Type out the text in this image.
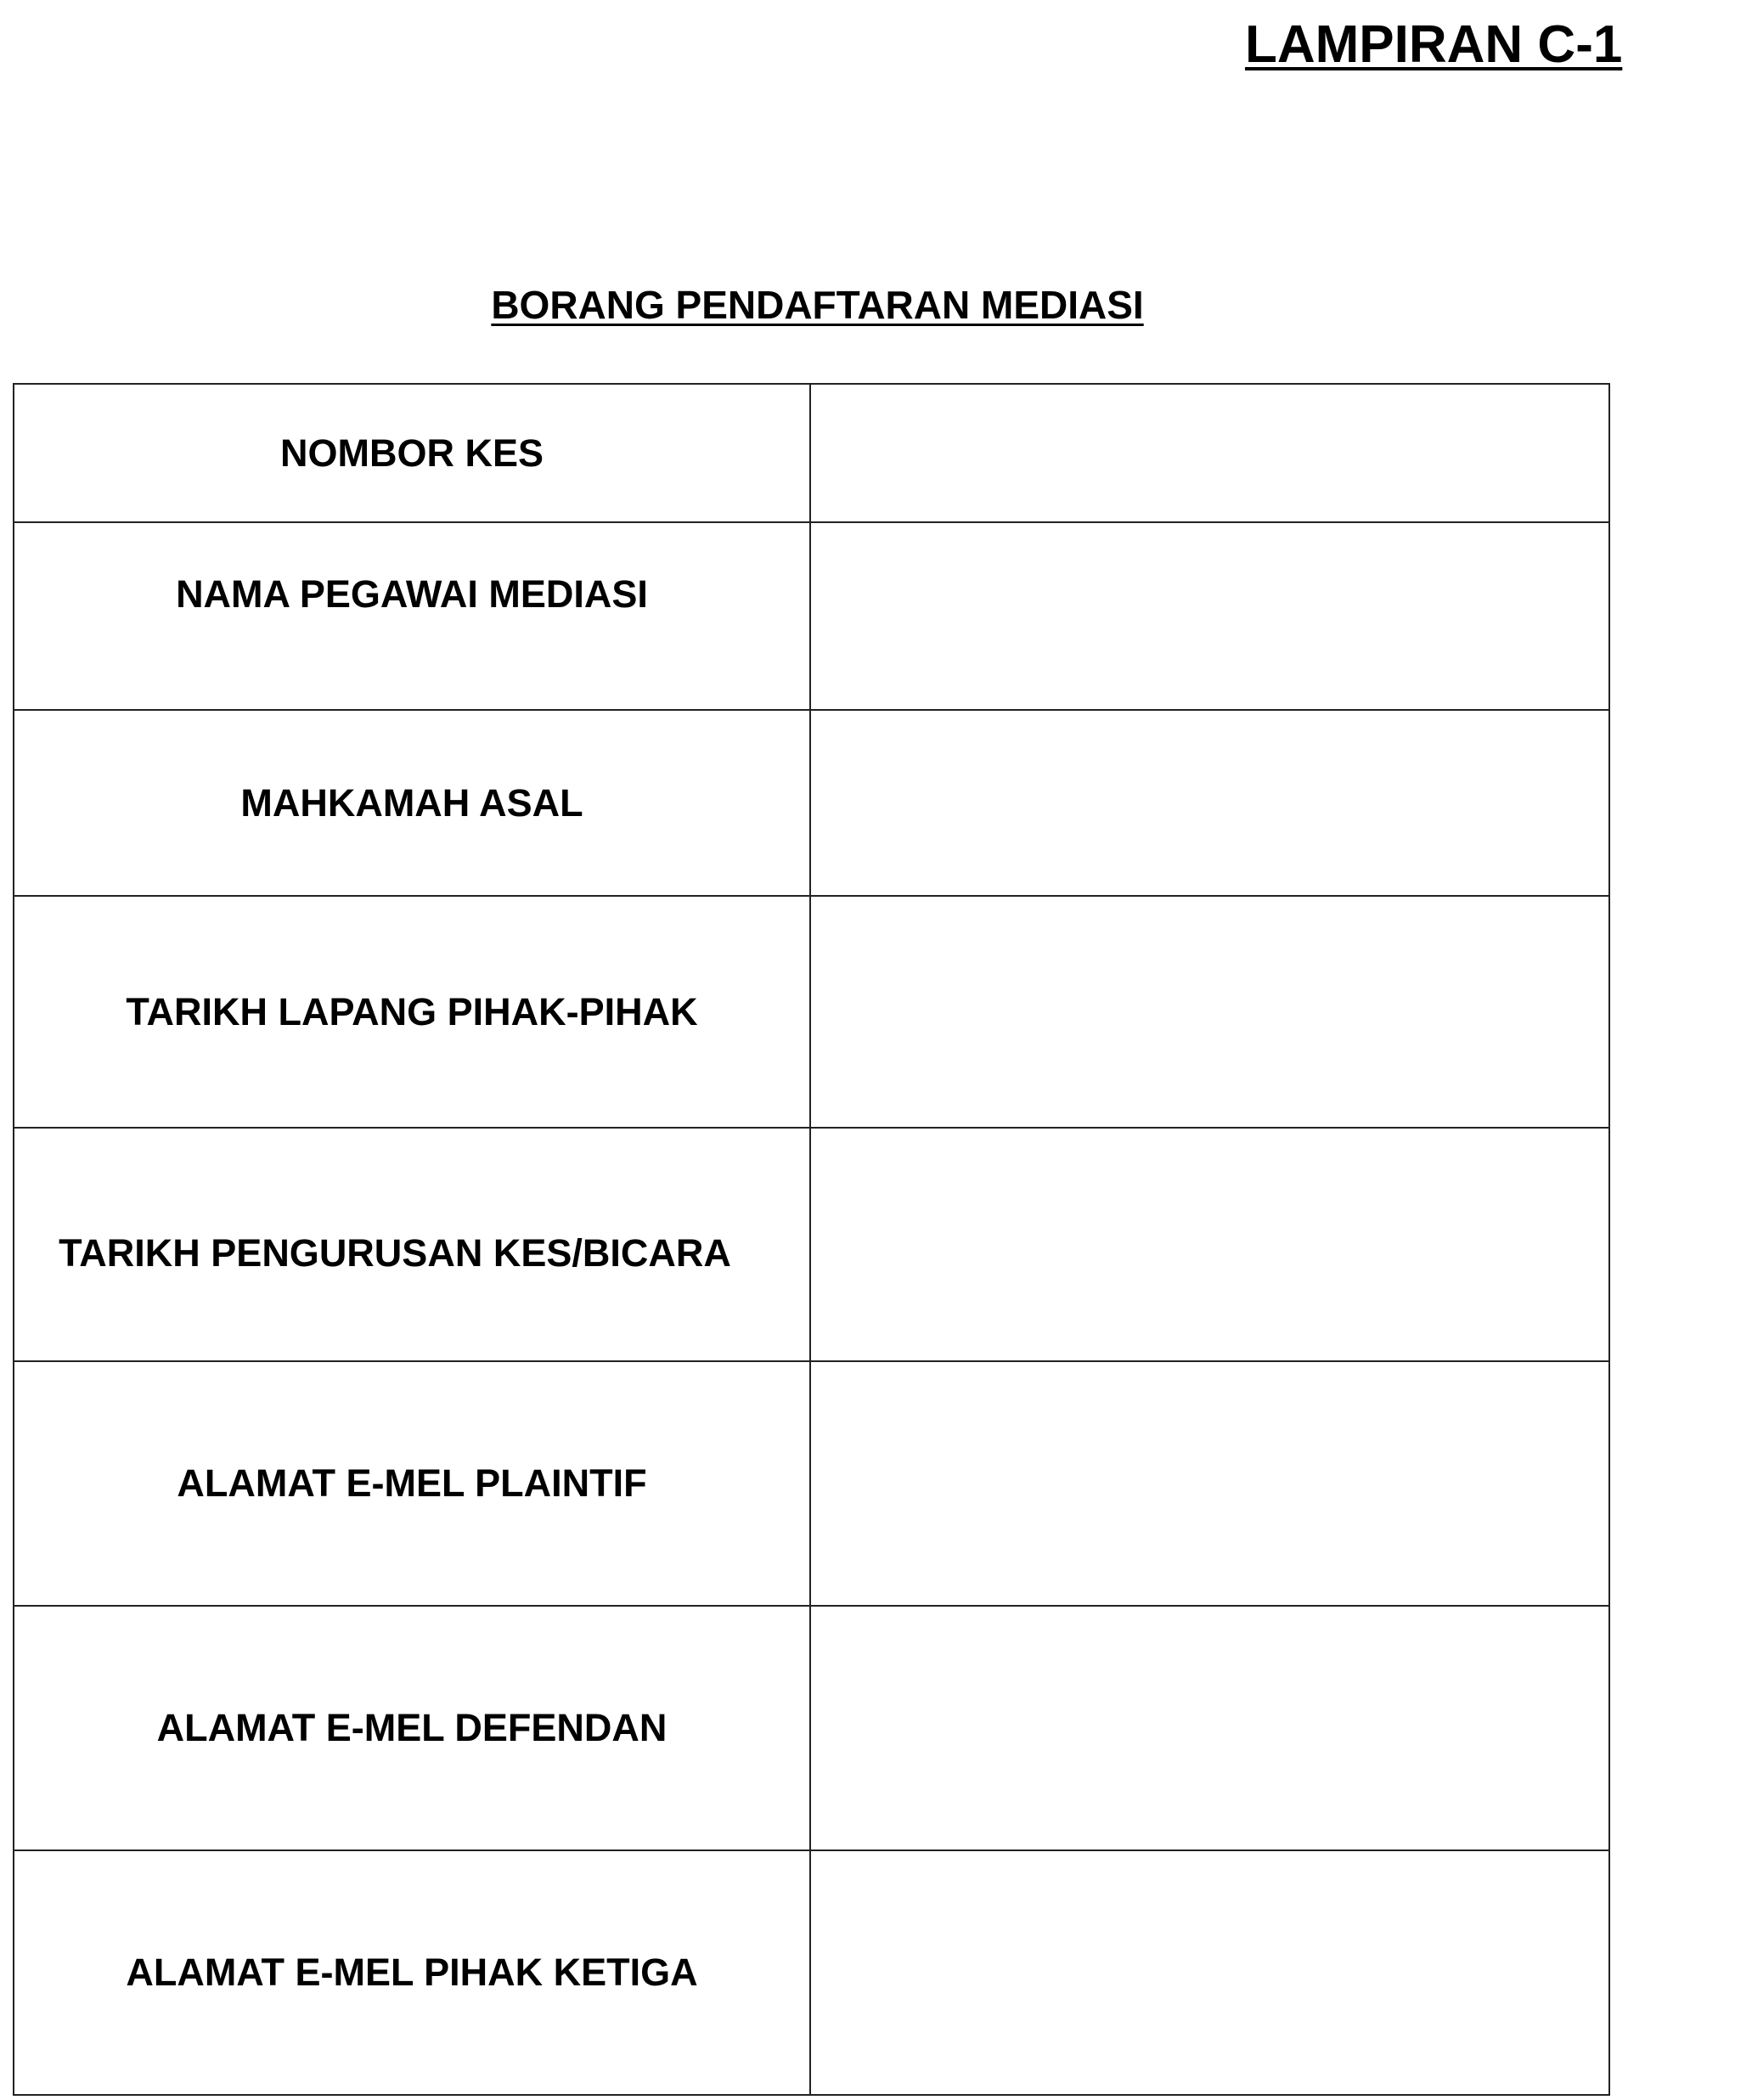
LAMPIRAN C-1
BORANG PENDAFTARAN MEDIASI
NOMBOR KES	
NAMA PEGAWAI MEDIASI	
MAHKAMAH ASAL	
TARIKH LAPANG PIHAK-PIHAK	
TARIKH PENGURUSAN KES/BICARA	
ALAMAT E-MEL PLAINTIF	
ALAMAT E-MEL DEFENDAN	
ALAMAT E-MEL PIHAK KETIGA	
